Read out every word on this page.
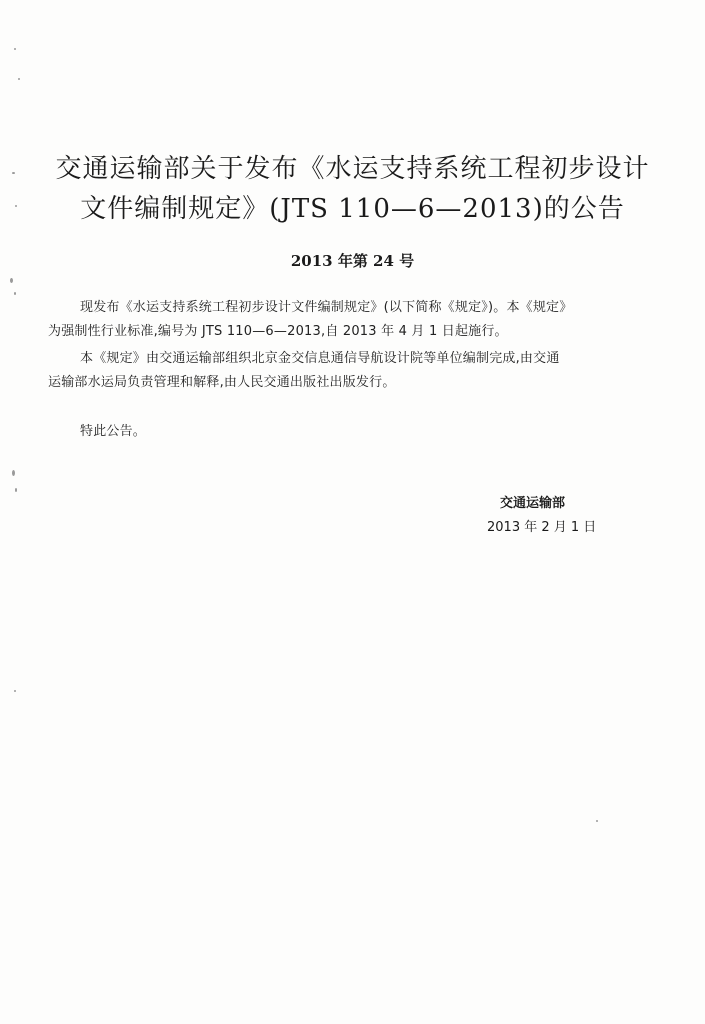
交通运输部关于发布《水运支持系统工程初步设计
文件编制规定》(JTS 110—6—2013)的公告
2013 年第 24 号
现发布《水运支持系统工程初步设计文件编制规定》(以下简称《规定》)。本《规定》
为强制性行业标准,编号为 JTS 110—6—2013,自 2013 年 4 月 1 日起施行。
本《规定》由交通运输部组织北京金交信息通信导航设计院等单位编制完成,由交通
运输部水运局负责管理和解释,由人民交通出版社出版发行。
特此公告。
交通运输部
2013 年 2 月 1 日
